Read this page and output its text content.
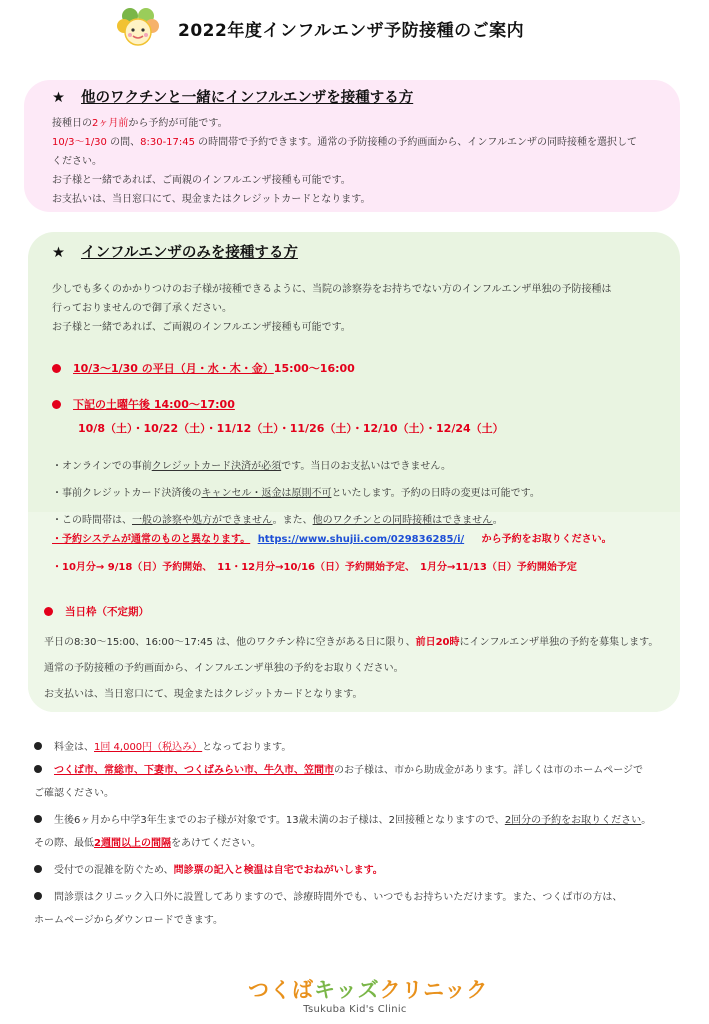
2022年度インフルエンザ予防接種のご案内
★ 他のワクチンと一緒にインフルエンザを接種する方
接種日の2ヶ月前から予約が可能です。
10/3～1/30 の間、8:30-17:45 の時間帯で予約できます。通常の予防接種の予約画面から、インフルエンザの同時接種を選択して
ください。
お子様と一緒であれば、ご両親のインフルエンザ接種も可能です。
お支払いは、当日窓口にて、現金またはクレジットカードとなります。
★ インフルエンザのみを接種する方
少しでも多くのかかりつけのお子様が接種できるように、当院の診察券をお持ちでない方のインフルエンザ単独の予防接種は
行っておりませんので御了承ください。
お子様と一緒であれば、ご両親のインフルエンザ接種も可能です。
10/3～1/30 の平日（月・水・木・金）15:00～16:00
下記の土曜午後 14:00～17:00
10/8（土）・10/22（土）・11/12（土）・11/26（土）・12/10（土）・12/24（土）
・オンラインでの事前クレジットカード決済が必須です。当日のお支払いはできません。
・事前クレジットカード決済後のキャンセル・返金は原則不可といたします。予約の日時の変更は可能です。
・この時間帯は、一般の診察や処方ができません。また、他のワクチンとの同時接種はできません。
・予約システムが通常のものと異なります。 https://www.shujii.com/029836285/i/ から予約をお取りください。
・10月分→ 9/18（日）予約開始、　11・12月分→10/16（日）予約開始予定、　1月分→11/13（日）予約開始予定
当日枠（不定期）
平日の8:30～15:00、16:00～17:45 は、他のワクチン枠に空きがある日に限り、前日20時にインフルエンザ単独の予約を募集します。
通常の予防接種の予約画面から、インフルエンザ単独の予約をお取りください。
お支払いは、当日窓口にて、現金またはクレジットカードとなります。
料金は、1回 4,000円（税込み）となっております。
つくば市、常総市、下妻市、つくばみらい市、牛久市、笠間市のお子様は、市から助成金があります。詳しくは市のホームページで
ご確認ください。
生後6ヶ月から中学3年生までのお子様が対象です。13歳未満のお子様は、2回接種となりますので、2回分の予約をお取りください。
その際、最低2週間以上の間隔をあけてください。
受付での混雑を防ぐため、問診票の記入と検温は自宅でおねがいします。
問診票はクリニック入口外に設置してありますので、診療時間外でも、いつでもお持ちいただけます。また、つくば市の方は、
ホームページからダウンロードできます。
つくばキッズクリニック
Tsukuba Kid's Clinic
